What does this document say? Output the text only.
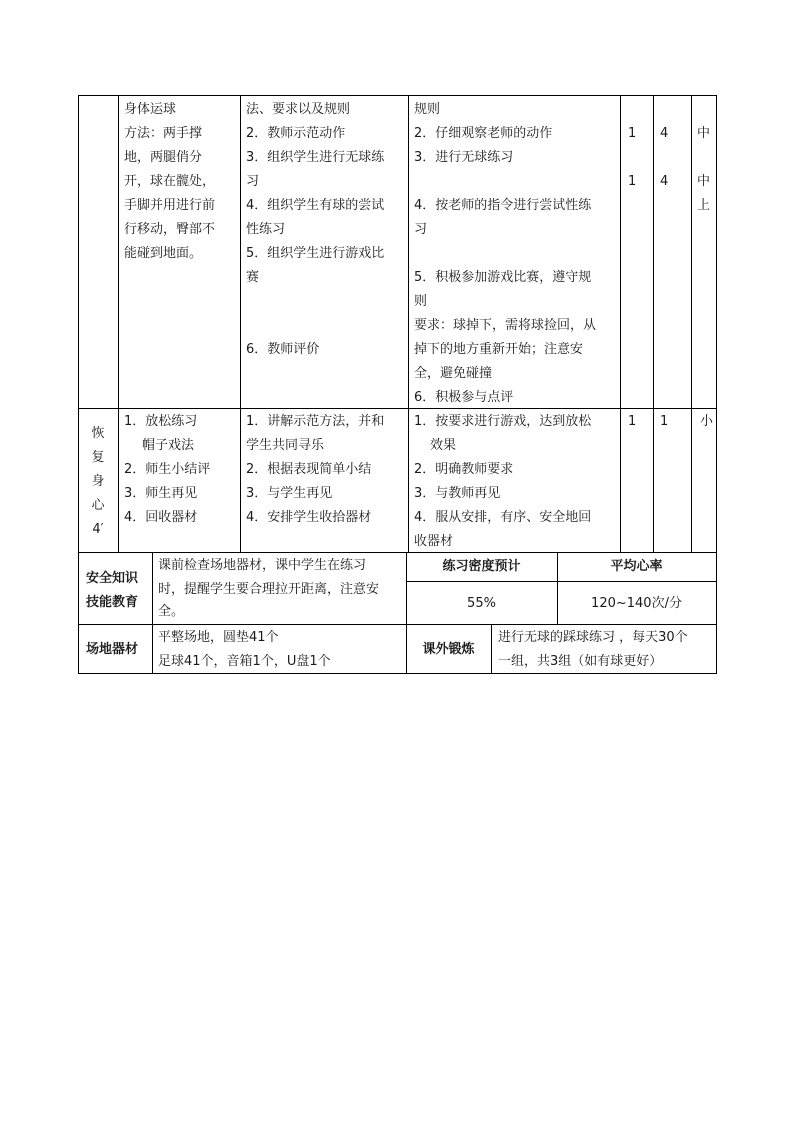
身体运球
方法：两手撑
地，两腿俏分
开，球在髋处，
手脚并用进行前
行移动，臀部不
能碰到地面。
法、要求以及规则
2．教师示范动作
3．组织学生进行无球练
习
4．组织学生有球的尝试
性练习
5．组织学生进行游戏比
赛
6．教师评价
规则
2．仔细观察老师的动作
3．进行无球练习
4．按老师的指令进行尝试性练
习
5．积极参加游戏比赛，遵守规
则
要求：球掉下，需将球捡回，从
掉下的地方重新开始；注意安
全，避免碰撞
6．积极参与点评
1
1
4
4
中
中
上
恢
复
身
心
4′
1．放松练习
帽子戏法
2．师生小结评
3．师生再见
4．回收器材
1．讲解示范方法，并和
学生共同寻乐
2．根据表现简单小结
3．与学生再见
4．安排学生收拾器材
1．按要求进行游戏，达到放松
效果
2．明确教师要求
3．与教师再见
4．服从安排，有序、安全地回
收器材
1 1 小
安全知识
技能教育
课前检查场地器材，课中学生在练习
时，提醒学生要合理拉开距离，注意安
全。
练习密度预计
55%
平均心率
120~140次/分
场地器材
平整场地，圆垫41个
足球41个，音箱1个，U盘1个
课外锻炼
进行无球的踩球练习 ，每天30个
一组，共3组（如有球更好）
